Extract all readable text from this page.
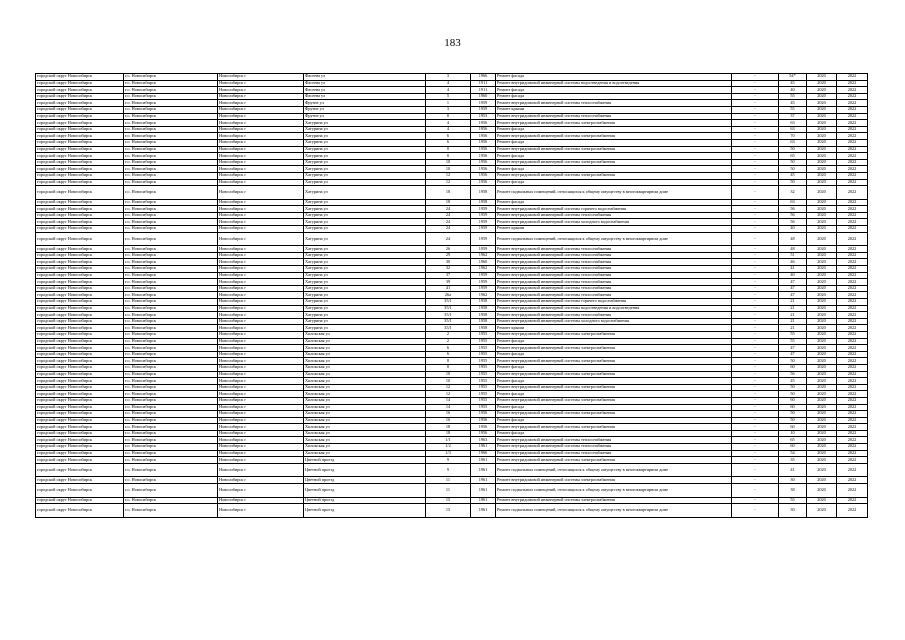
183
городской округ Новосибирск	г.о. Новосибирск	Новосибирск г	Фасеева ул	3	1966	Ремонт фасада	-	54*	2020	2022
городской округ Новосибирск	г.о. Новосибирск	Новосибирск г	Фасеева ул	4	1911	Ремонт внутридомовой инженерной системы водоотведения и водоотведения	-	45	2020	2022
городской округ Новосибирск	г.о. Новосибирск	Новосибирск г	Фасеева ул	4	1911	Ремонт фасада	-	40	2020	2022
городской округ Новосибирск	г.о. Новосибирск	Новосибирск г	Фасеева ул	5	1960	Ремонт фасада	-	55	2020	2022
городской округ Новосибирск	г.о. Новосибирск	Новосибирск г	Фрунзе ул	1	1959	Ремонт внутридомовой инженерной системы теплоснабжения	-	45	2020	2022
городской округ Новосибирск	г.о. Новосибирск	Новосибирск г	Фрунзе ул	3	1959	Ремонт крыши	-	55	2020	2022
городской округ Новосибирск	г.о. Новосибирск	Новосибирск г	Фрунзе ул	8	1953	Ремонт внутридомовой инженерной системы теплоснабжения	-	37	2020	2022
городской округ Новосибирск	г.о. Новосибирск	Новосибирск г	Хатуринa ул	4	1956	Ремонт внутридомовой инженерной системы электроснабжения	-	63	2020	2022
городской округ Новосибирск	г.о. Новосибирск	Новосибирск г	Хатуринa ул	4	1956	Ремонт фасада	-	63	2020	2022
городской округ Новосибирск	г.о. Новосибирск	Новосибирск г	Хатуринa ул	6	1956	Ремонт внутридомовой инженерной системы электроснабжения	-	70	2020	2022
городской округ Новосибирск	г.о. Новосибирск	Новосибирск г	Хатуринa ул	6	1956	Ремонт фасада	-	63	2020	2022
городской округ Новосибирск	г.о. Новосибирск	Новосибирск г	Хатуринa ул	8	1956	Ремонт внутридомовой инженерной системы электроснабжения	-	50	2020	2022
городской округ Новосибирск	г.о. Новосибирск	Новосибирск г	Хатуринa ул	8	1956	Ремонт фасада	-	65	2020	2022
городской округ Новосибирск	г.о. Новосибирск	Новосибирск г	Хатуринa ул	10	1956	Ремонт внутридомовой инженерной системы электроснабжения	-	50	2020	2022
городской округ Новосибирск	г.о. Новосибирск	Новосибирск г	Хатуринa ул	10	1956	Ремонт фасада	-	50	2020	2022
городской округ Новосибирск	г.о. Новосибирск	Новосибирск г	Хатуринa ул	12	1956	Ремонт внутридомовой инженерной системы электроснабжения	-	45	2020	2022
городской округ Новосибирск	г.о. Новосибирск	Новосибирск г	Хатуринa ул	12	1956	Ремонт фасада	-	50	2020	2022
городской округ Новосибирск	г.о. Новосибирск	Новосибирск г	Хатуринa ул	18	1958	Ремонт подвальных помещений, относящихся к общему имуществу в многоквартирном доме	-	32	2020	2022
городской округ Новосибирск	г.о. Новосибирск	Новосибирск г	Хатуринa ул	18	1958	Ремонт фасада	-	63	2020	2022
городской округ Новосибирск	г.о. Новосибирск	Новосибирск г	Хатуринa ул	24	1959	Ремонт внутридомовой инженерной системы горячего водоснабжения	-	56	2020	2022
городской округ Новосибирск	г.о. Новосибирск	Новосибирск г	Хатуринa ул	24	1959	Ремонт внутридомовой инженерной системы теплоснабжения	-	56	2020	2022
городской округ Новосибирск	г.о. Новосибирск	Новосибирск г	Хатуринa ул	24	1959	Ремонт внутридомовой инженерной системы холодного водоснабжения	-	56	2020	2022
городской округ Новосибирск	г.о. Новосибирск	Новосибирск г	Хатуринa ул	24	1959	Ремонт крыши	-	40	2020	2022
городской округ Новосибирск	г.о. Новосибирск	Новосибирск г	Хатуринa ул	24	1959	Ремонт подвальных помещений, относящихся к общему имуществу в многоквартирном доме	-	48	2020	2022
городской округ Новосибирск	г.о. Новосибирск	Новосибирск г	Хатуринa ул	26	1959	Ремонт внутридомовой инженерной системы теплоснабжения	-	48	2020	2022
городской округ Новосибирск	г.о. Новосибирск	Новосибирск г	Хатуринa ул	29	1962	Ремонт внутридомовой инженерной системы теплоснабжения	-	51	2020	2022
городской округ Новосибирск	г.о. Новосибирск	Новосибирск г	Хатуринa ул	30	1960	Ремонт внутридомовой инженерной системы теплоснабжения	-	46	2020	2022
городской округ Новосибирск	г.о. Новосибирск	Новосибирск г	Хатуринa ул	32	1962	Ремонт внутридомовой инженерной системы теплоснабжения	-	41	2020	2022
городской округ Новосибирск	г.о. Новосибирск	Новосибирск г	Хатуринa ул	37	1959	Ремонт внутридомовой инженерной системы теплоснабжения	-	40	2020	2022
городской округ Новосибирск	г.о. Новосибирск	Новосибирск г	Хатуринa ул	39	1959	Ремонт внутридомовой инженерной системы теплоснабжения	-	47	2020	2022
городской округ Новосибирск	г.о. Новосибирск	Новосибирск г	Хатуринa ул	41	1959	Ремонт внутридомовой инженерной системы теплоснабжения	-	47	2020	2022
городской округ Новосибирск	г.о. Новосибирск	Новосибирск г	Хатуринa ул	26а	1962	Ремонт внутридомовой инженерной системы теплоснабжения	-	47	2020	2022
городской округ Новосибирск	г.о. Новосибирск	Новосибирск г	Хатуринa ул	35/1	1958	Ремонт внутридомовой инженерной системы горячего водоснабжения	-	21	2020	2022
городской округ Новосибирск	г.о. Новосибирск	Новосибирск г	Хатуринa ул	35/1	1958	Ремонт внутридомовой инженерной системы водоотведения и водоотведения	-	21	2020	2022
городской округ Новосибирск	г.о. Новосибирск	Новосибирск г	Хатуринa ул	35/1	1958	Ремонт внутридомовой инженерной системы теплоснабжения	-	21	2020	2022
городской округ Новосибирск	г.о. Новосибирск	Новосибирск г	Хатуринa ул	35/1	1958	Ремонт внутридомовой инженерной системы холодного водоснабжения	-	21	2020	2022
городской округ Новосибирск	г.о. Новосибирск	Новосибирск г	Хатуринa ул	35/1	1958	Ремонт крыши	-	21	2020	2022
городской округ Новосибирск	г.о. Новосибирск	Новосибирск г	Хилокская ул	2	1955	Ремонт внутридомовой инженерной системы электроснабжения	-	55	2020	2022
городской округ Новосибирск	г.о. Новосибирск	Новосибирск г	Хилокская ул	2	1955	Ремонт фасада	-	55	2020	2022
городской округ Новосибирск	г.о. Новосибирск	Новосибирск г	Хилокская ул	6	1955	Ремонт внутридомовой инженерной системы электроснабжения	-	47	2020	2022
городской округ Новосибирск	г.о. Новосибирск	Новосибирск г	Хилокская ул	6	1955	Ремонт фасада	-	47	2020	2022
городской округ Новосибирск	г.о. Новосибирск	Новосибирск г	Хилокская ул	8	1955	Ремонт внутридомовой инженерной системы электроснабжения	-	50	2020	2022
городской округ Новосибирск	г.о. Новосибирск	Новосибирск г	Хилокская ул	8	1955	Ремонт фасада	-	60	2020	2022
городской округ Новосибирск	г.о. Новосибирск	Новосибирск г	Хилокская ул	10	1955	Ремонт внутридомовой инженерной системы электроснабжения	-	56	2020	2022
городской округ Новосибирск	г.о. Новосибирск	Новосибирск г	Хилокская ул	10	1955	Ремонт фасада	-	45	2020	2022
городской округ Новосибирск	г.о. Новосибирск	Новосибирск г	Хилокская ул	12	1955	Ремонт внутридомовой инженерной системы электроснабжения	-	50	2020	2022
городской округ Новосибирск	г.о. Новосибирск	Новосибирск г	Хилокская ул	12	1955	Ремонт фасада	-	50	2020	2022
городской округ Новосибирск	г.о. Новосибирск	Новосибирск г	Хилокская ул	14	1955	Ремонт внутридомовой инженерной системы электроснабжения	-	60	2020	2022
городской округ Новосибирск	г.о. Новосибирск	Новосибирск г	Хилокская ул	14	1955	Ремонт фасада	-	60	2020	2022
городской округ Новосибирск	г.о. Новосибирск	Новосибирск г	Хилокская ул	16	1956	Ремонт внутридомовой инженерной системы электроснабжения	-	50	2020	2022
городской округ Новосибирск	г.о. Новосибирск	Новосибирск г	Хилокская ул	16	1956	Ремонт фасада	-	50	2020	2022
городской округ Новосибирск	г.о. Новосибирск	Новосибирск г	Хилокская ул	18	1956	Ремонт внутридомовой инженерной системы электроснабжения	-	60	2020	2022
городской округ Новосибирск	г.о. Новосибирск	Новосибирск г	Хилокская ул	18	1956	Ремонт фасада	-	10	2020	2022
городской округ Новосибирск	г.о. Новосибирск	Новосибирск г	Хилокская ул	1/1	1963	Ремонт внутридомовой инженерной системы теплоснабжения	-	65	2020	2022
городской округ Новосибирск	г.о. Новосибирск	Новосибирск г	Хилокская ул	1/2	1961	Ремонт внутридомовой инженерной системы теплоснабжения	-	60	2020	2022
городской округ Новосибирск	г.о. Новосибирск	Новосибирск г	Хилокская ул	1/3	1966	Ремонт внутридомовой инженерной системы теплоснабжения	-	54	2020	2022
городской округ Новосибирск	г.о. Новосибирск	Новосибирск г	Цветной проезд	9	1961	Ремонт внутридомовой инженерной системы электроснабжения	-	35	2020	2022
городской округ Новосибирск	г.о. Новосибирск	Новосибирск г	Цветной проезд	9	1961	Ремонт подвальных помещений, относящихся к общему имуществу в многоквартирном доме	-	41	2020	2022
городской округ Новосибирск	г.о. Новосибирск	Новосибирск г	Цветной проезд	11	1961	Ремонт внутридомовой инженерной системы электроснабжения	-	30	2020	2022
городской округ Новосибирск	г.о. Новосибирск	Новосибирск г	Цветной проезд	11	1961	Ремонт подвальных помещений, относящихся к общему имуществу в многоквартирном доме	-	38	2020	2022
городской округ Новосибирск	г.о. Новосибирск	Новосибирск г	Цветной проезд	15	1961	Ремонт внутридомовой инженерной системы электроснабжения	-	55	2020	2022
городской округ Новосибирск	г.о. Новосибирск	Новосибирск г	Цветной проезд	15	1961	Ремонт подвальных помещений, относящихся к общему имуществу в многоквартирном доме	-	30	2020	2022
